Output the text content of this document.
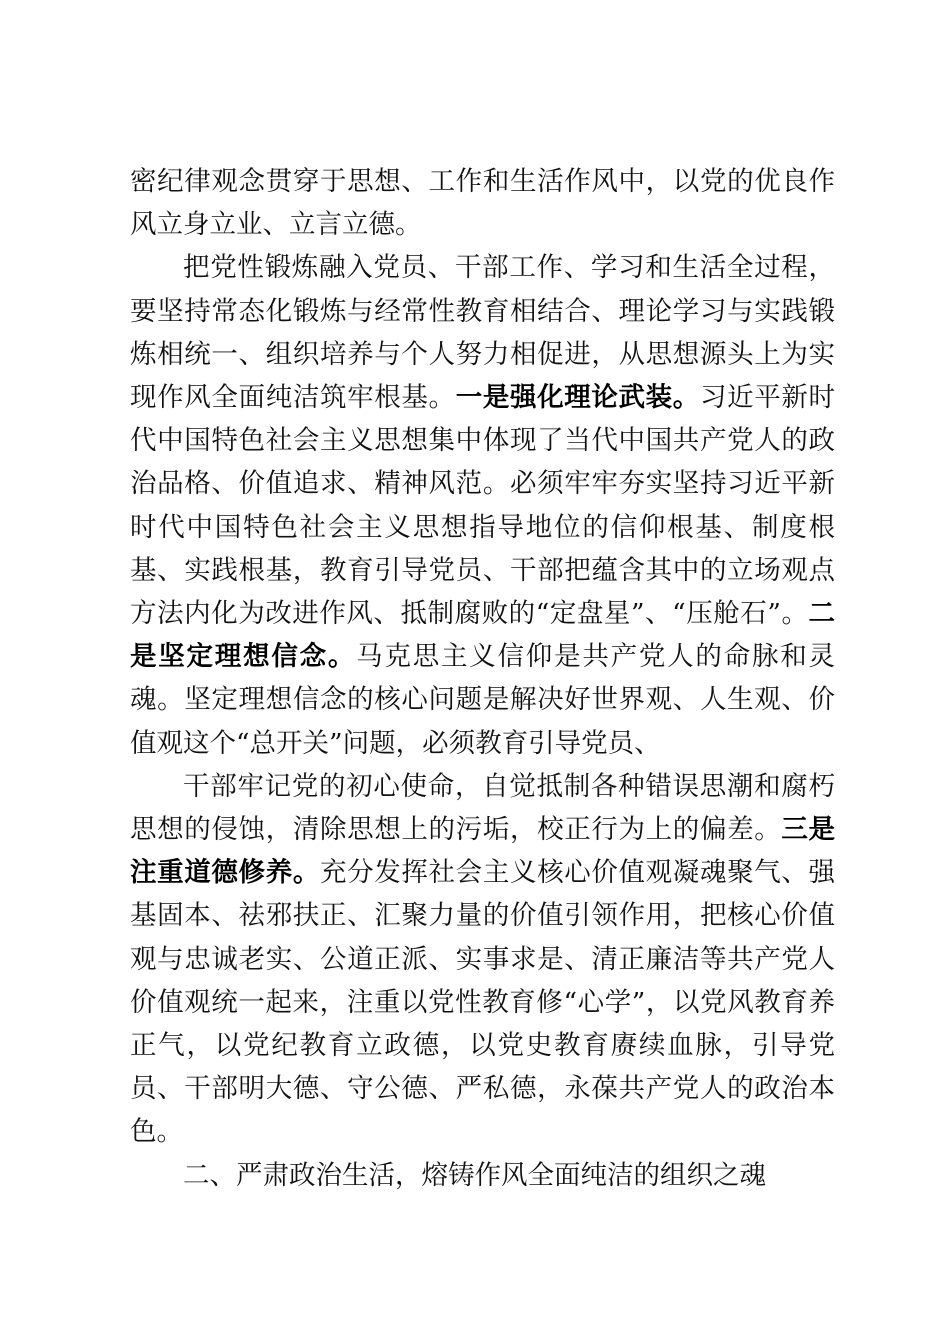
密纪律观念贯穿于思想、工作和生活作风中，以党的优良作风立身立业、立言立德。

把党性锻炼融入党员、干部工作、学习和生活全过程，要坚持常态化锻炼与经常性教育相结合、理论学习与实践锻炼相统一、组织培养与个人努力相促进，从思想源头上为实现作风全面纯洁筑牢根基。一是强化理论武装。习近平新时代中国特色社会主义思想集中体现了当代中国共产党人的政治品格、价值追求、精神风范。必须牢牢夯实坚持习近平新时代中国特色社会主义思想指导地位的信仰根基、制度根基、实践根基，教育引导党员、干部把蕴含其中的立场观点方法内化为改进作风、抵制腐败的“定盘星”、“压舱石”。二是坚定理想信念。马克思主义信仰是共产党人的命脉和灵魂。坚定理想信念的核心问题是解决好世界观、人生观、价值观这个“总开关”问题，必须教育引导党员、

干部牢记党的初心使命，自觉抵制各种错误思潮和腐朽思想的侵蚀，清除思想上的污垢，校正行为上的偏差。三是注重道德修养。充分发挥社会主义核心价值观凝魂聚气、强基固本、祛邪扶正、汇聚力量的价值引领作用，把核心价值观与忠诚老实、公道正派、实事求是、清正廉洁等共产党人价值观统一起来，注重以党性教育修“心学”，以党风教育养正气，以党纪教育立政德，以党史教育赓续血脉，引导党员、干部明大德、守公德、严私德，永葆共产党人的政治本色。

二、严肃政治生活，熔铸作风全面纯洁的组织之魂
